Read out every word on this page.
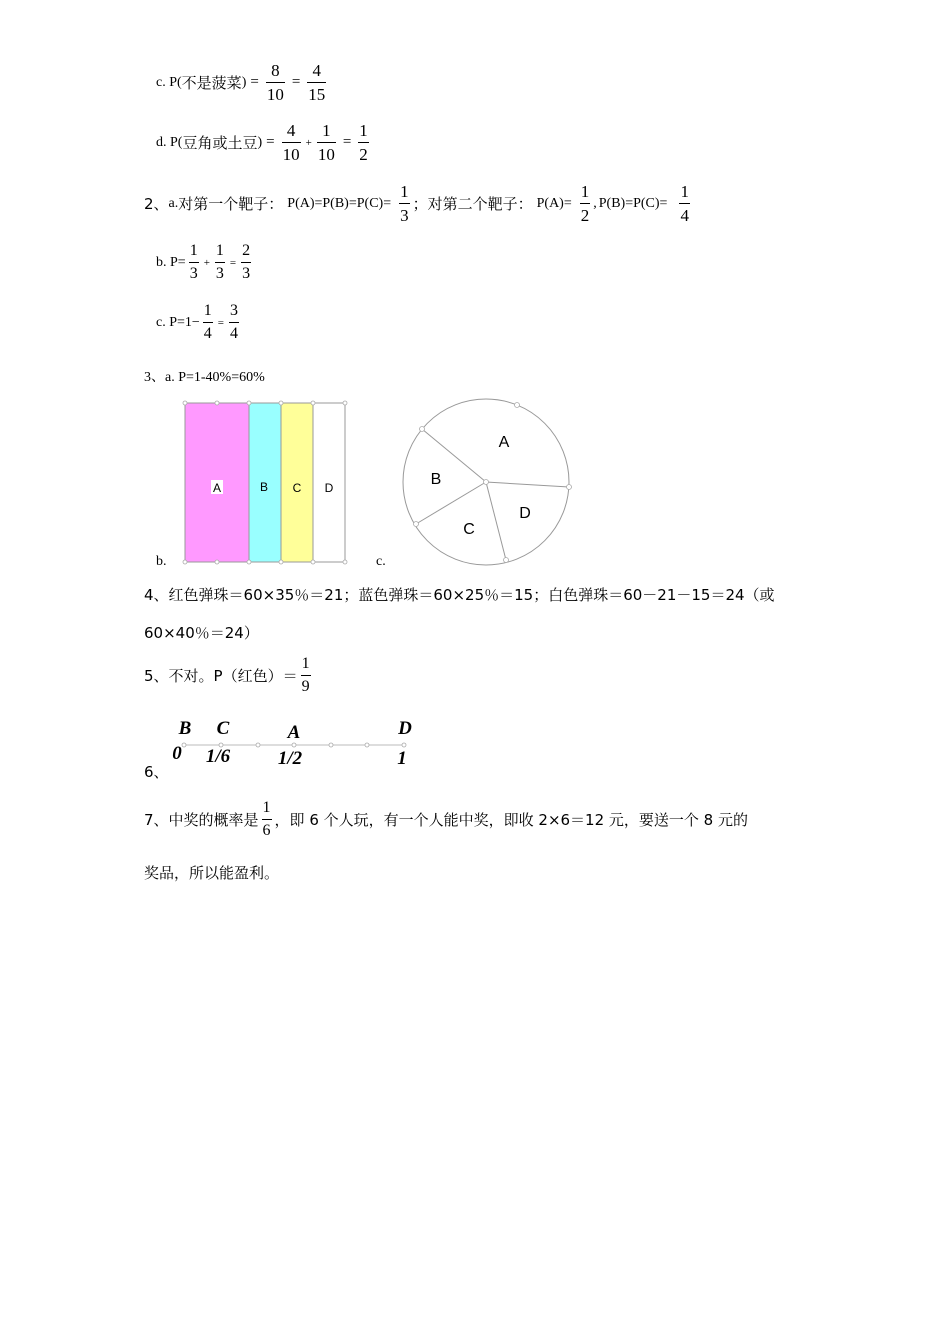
c. P( 不是菠菜 ) = $\frac{8}{10} = \frac{4}{15}$
d. P( 豆角或土豆 ) = $\frac{4}{10} + \frac{1}{10} = \frac{1}{2}$
2、 a. 对第一个靶子： $P(A)=P(B)=P(C)= \frac{1}{3}$ ； 对第二个靶子： $P(A)= \frac{1}{2}$ , $P(B)=P(C)= \frac{1}{4}$
b. $P= \frac{1}{3} + \frac{1}{3} = \frac{2}{3}$
c. $P=1- \frac{1}{4} = \frac{3}{4}$
3、a. P=1-40%=60%
A	B C D
b.
A
B
C
D
c.
4、红色弹珠＝60×35％＝21；蓝色弹珠＝60×25％＝15；白色弹珠＝60－21－15＝24（或
60×40％＝24）
5、不对。P（红色）＝ $\frac{1}{9}$
B
0
C
1/6
A
1/2
D
1
6、
7、中奖的概率是 $\frac{1}{6}$ ，即 6 个人玩，有一个人能中奖，即收 2×6＝12 元，要送一个 8 元的
奖品，所以能盈利。
